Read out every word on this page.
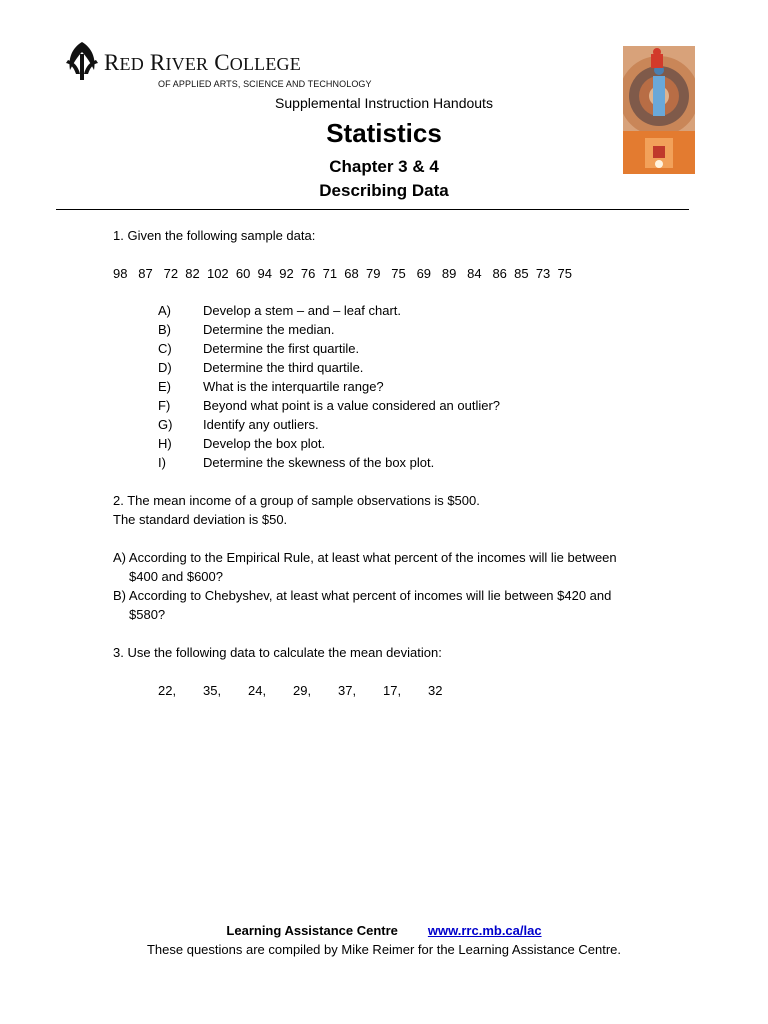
RED RIVER COLLEGE
OF APPLIED ARTS, SCIENCE AND TECHNOLOGY
Supplemental Instruction Handouts
Statistics
Chapter 3 & 4
Describing Data
1. Given the following sample data:
98   87   72  82  102  60  94  92  76  71  68  79   75   69   89   84   86  85  73  75
A) Develop a stem – and – leaf chart.
B) Determine the median.
C) Determine the first quartile.
D) Determine the third quartile.
E) What is the interquartile range?
F)	Beyond what point is a value considered an outlier?
G) Identify any outliers.
H) Develop the box plot.
I)	Determine the skewness of the box plot.
2. The mean income of a group of sample observations is $500.
The standard deviation is $50.
A) According to the Empirical Rule, at least what percent of the incomes will lie between
$400 and $600?
B) According to Chebyshev, at least what percent of incomes will lie between $420 and
$580?
3. Use the following data to calculate the mean deviation:
22, 35, 24, 29, 37, 17, 32
Learning Assistance Centre www.rrc.mb.ca/lac
These questions are compiled by Mike Reimer for the Learning Assistance Centre.
